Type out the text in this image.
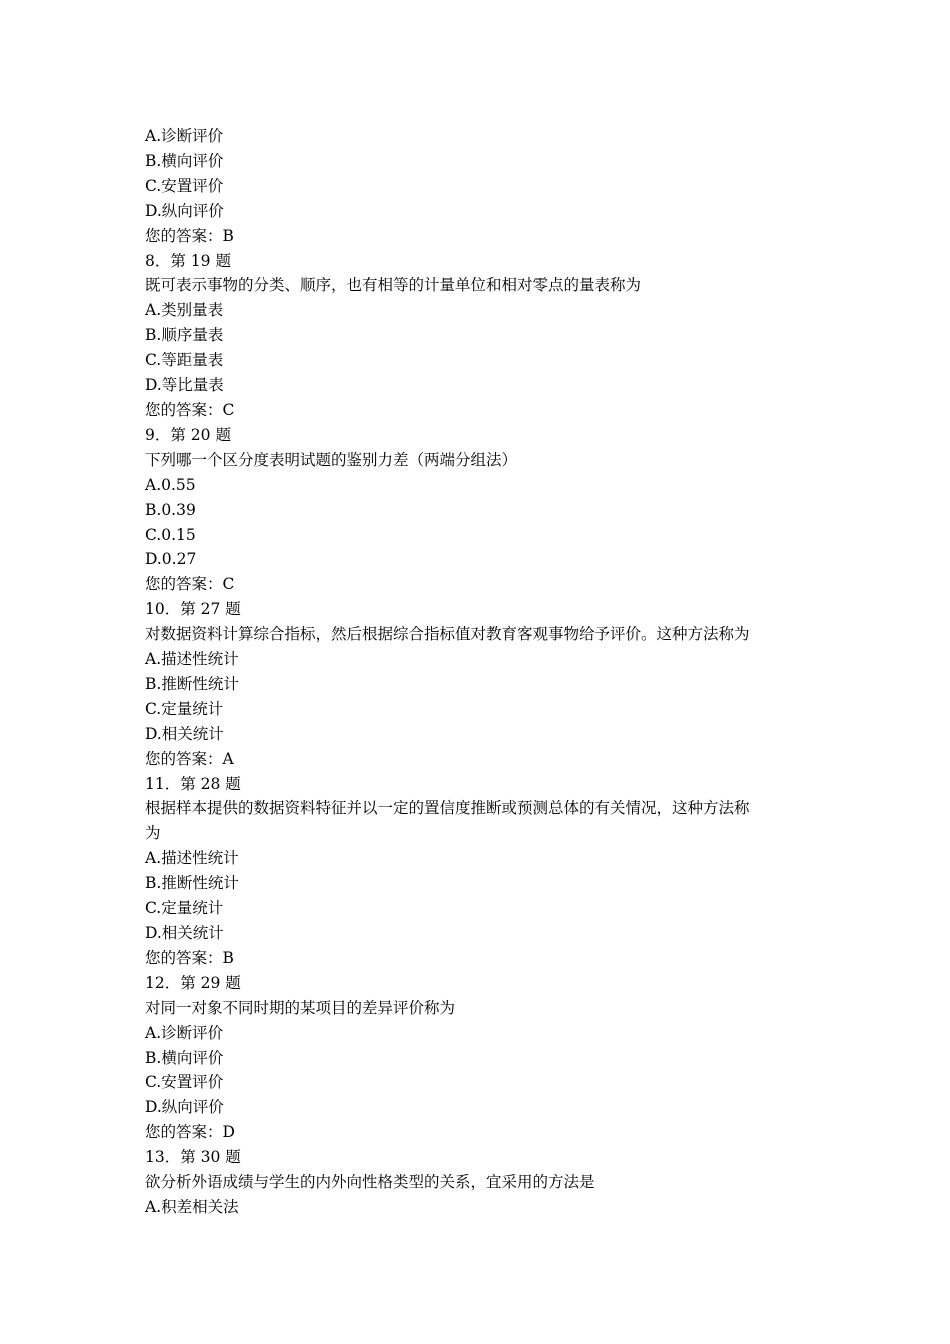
A.诊断评价
B.横向评价
C.安置评价
D.纵向评价
您的答案：B
8．第 19 题
既可表示事物的分类、顺序，也有相等的计量单位和相对零点的量表称为
A.类别量表
B.顺序量表
C.等距量表
D.等比量表
您的答案：C
9．第 20 题
下列哪一个区分度表明试题的鉴别力差（两端分组法）
A.0.55
B.0.39
C.0.15
D.0.27
您的答案：C
10．第 27 题
对数据资料计算综合指标，然后根据综合指标值对教育客观事物给予评价。这种方法称为
A.描述性统计
B.推断性统计
C.定量统计
D.相关统计
您的答案：A
11．第 28 题
根据样本提供的数据资料特征并以一定的置信度推断或预测总体的有关情况，这种方法称
为
A.描述性统计
B.推断性统计
C.定量统计
D.相关统计
您的答案：B
12．第 29 题
对同一对象不同时期的某项目的差异评价称为
A.诊断评价
B.横向评价
C.安置评价
D.纵向评价
您的答案：D
13．第 30 题
欲分析外语成绩与学生的内外向性格类型的关系，宜采用的方法是
A.积差相关法
